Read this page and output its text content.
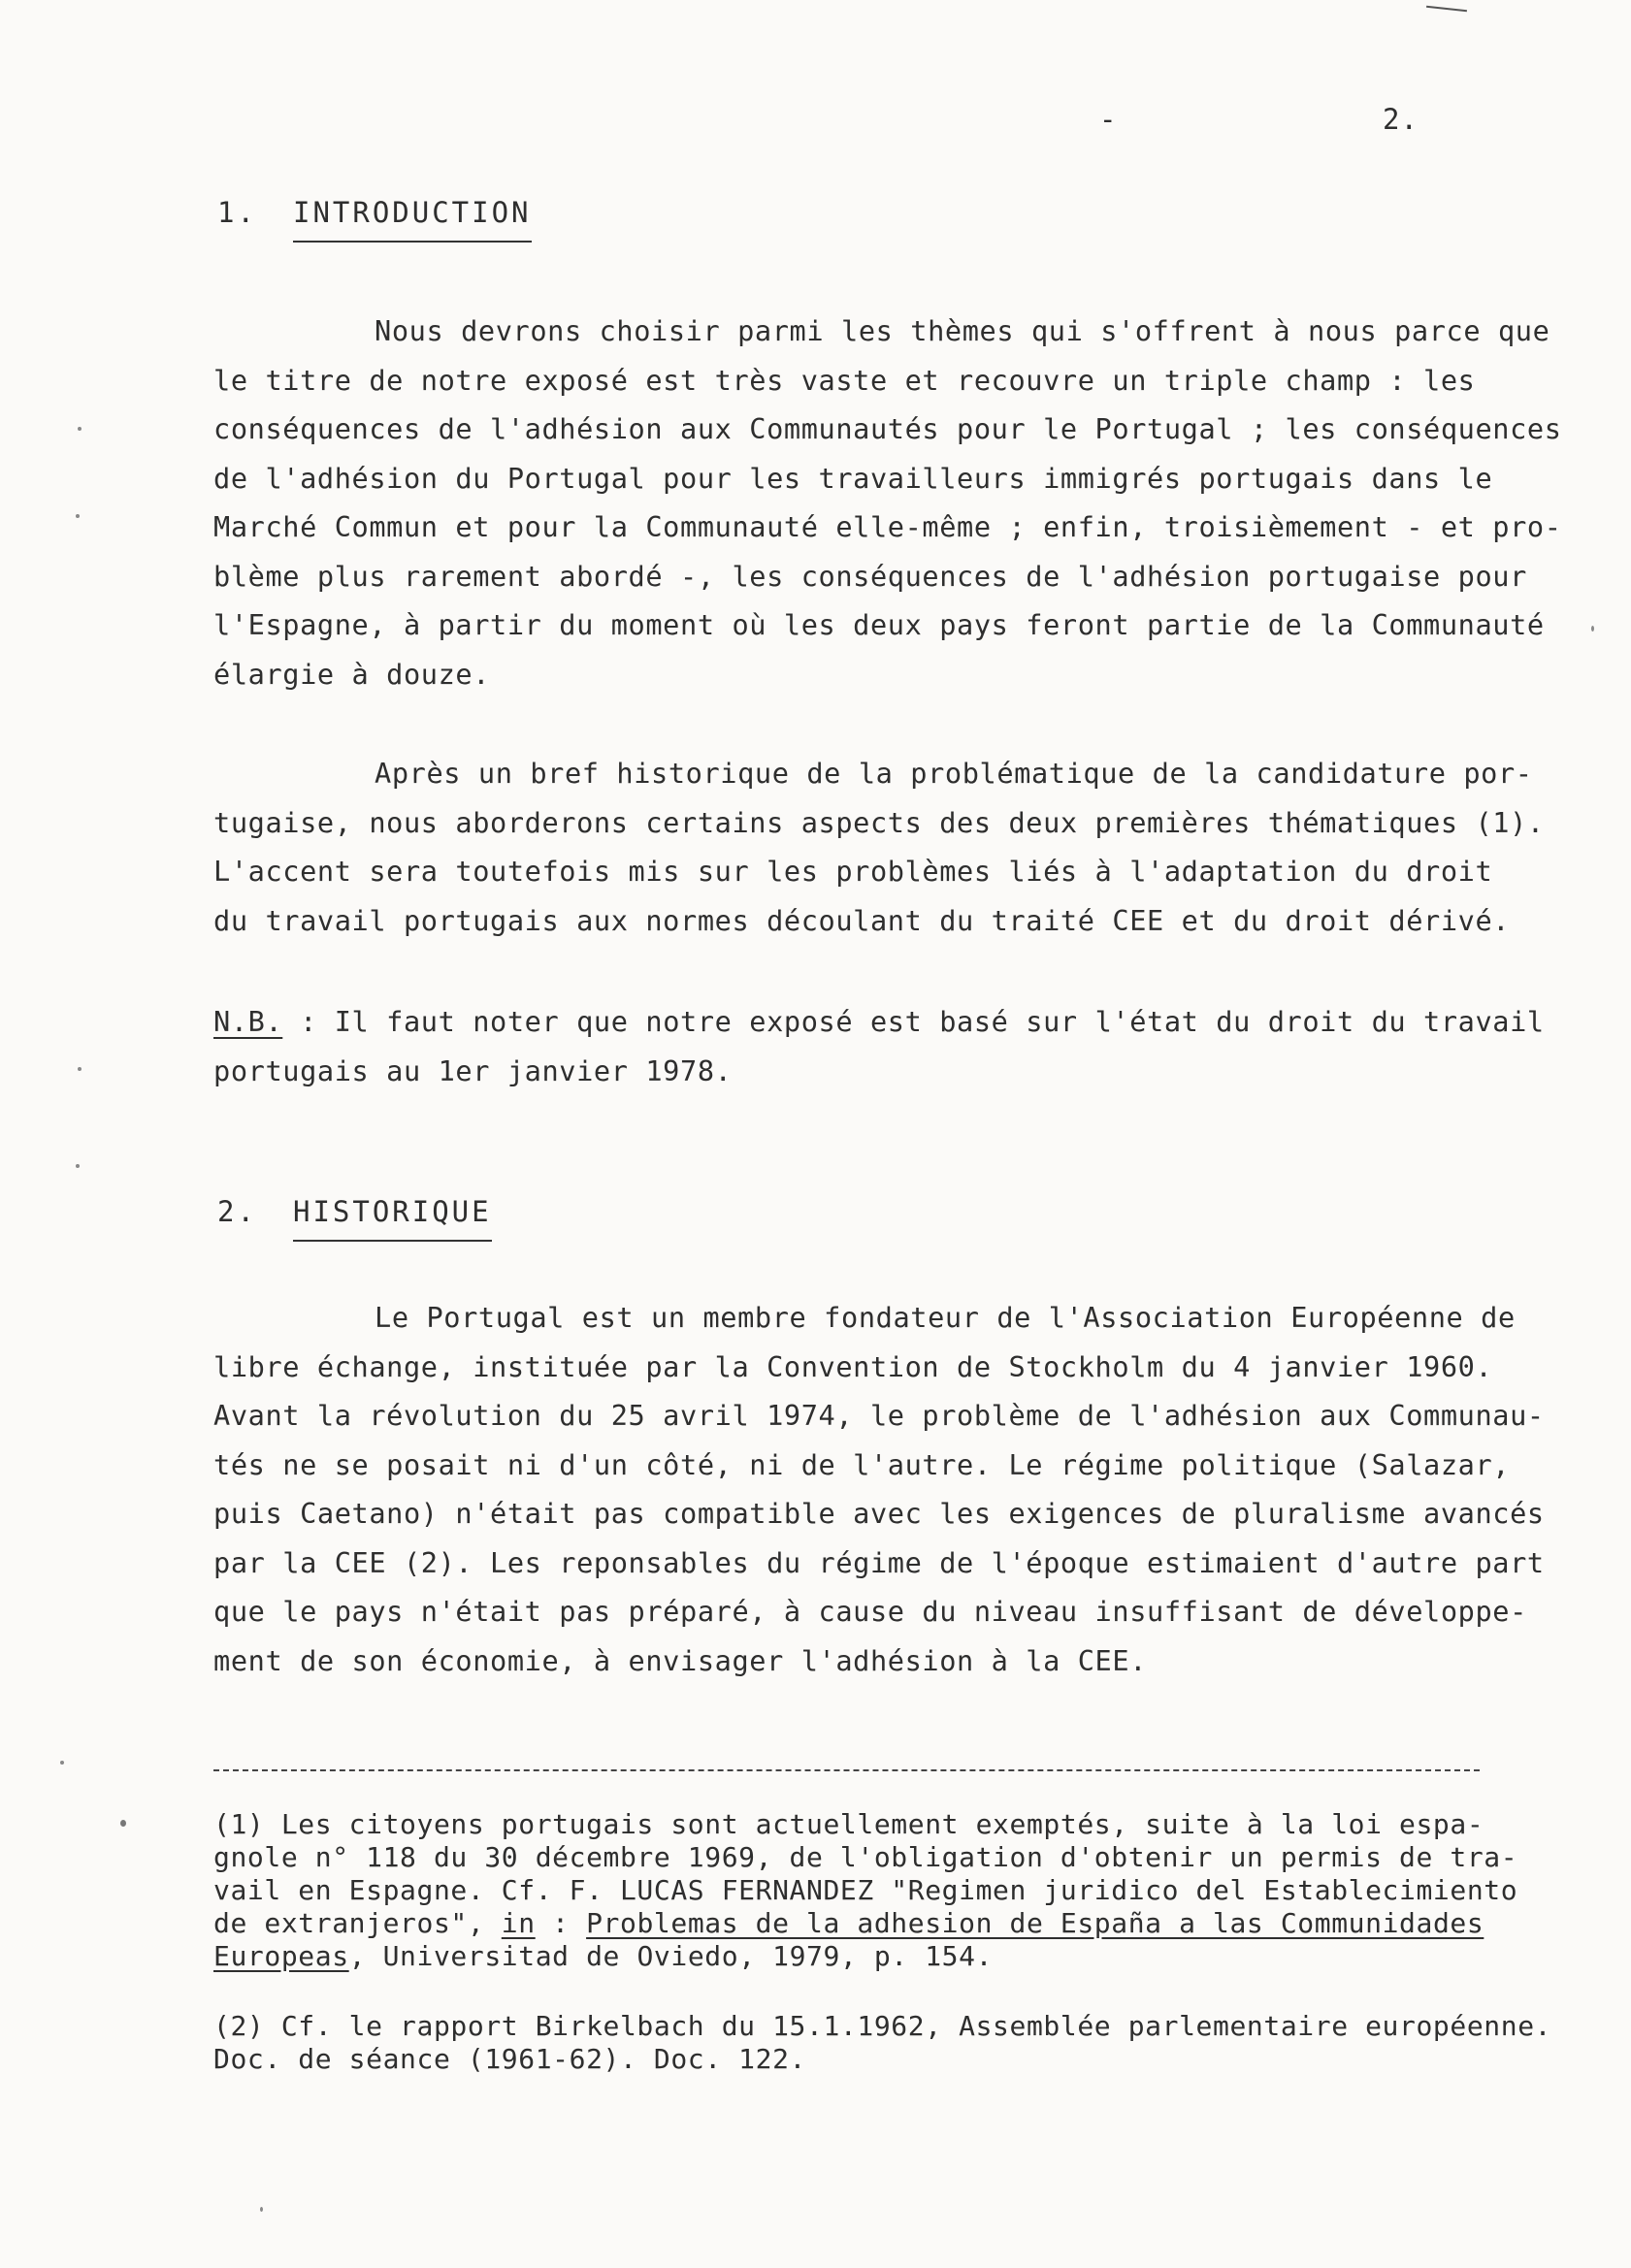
-	2.
1. INTRODUCTION
Nous devrons choisir parmi les thèmes qui s'offrent à nous parce que
le titre de notre exposé est très vaste et recouvre un triple champ : les
conséquences de l'adhésion aux Communautés pour le Portugal ; les conséquences
de l'adhésion du Portugal pour les travailleurs immigrés portugais dans le
Marché Commun et pour la Communauté elle-même ; enfin, troisièmement - et pro-
blème plus rarement abordé -, les conséquences de l'adhésion portugaise pour
l'Espagne, à partir du moment où les deux pays feront partie de la Communauté
élargie à douze.
Après un bref historique de la problématique de la candidature por-
tugaise, nous aborderons certains aspects des deux premières thématiques (1).
L'accent sera toutefois mis sur les problèmes liés à l'adaptation du droit
du travail portugais aux normes découlant du traité CEE et du droit dérivé.
N.B. : Il faut noter que notre exposé est basé sur l'état du droit du travail
portugais au 1er janvier 1978.
2. HISTORIQUE
Le Portugal est un membre fondateur de l'Association Européenne de
libre échange, instituée par la Convention de Stockholm du 4 janvier 1960.
Avant la révolution du 25 avril 1974, le problème de l'adhésion aux Communau-
tés ne se posait ni d'un côté, ni de l'autre. Le régime politique (Salazar,
puis Caetano) n'était pas compatible avec les exigences de pluralisme avancés
par la CEE (2). Les reponsables du régime de l'époque estimaient d'autre part
que le pays n'était pas préparé, à cause du niveau insuffisant de développe-
ment de son économie, à envisager l'adhésion à la CEE.
(1) Les citoyens portugais sont actuellement exemptés, suite à la loi espa-
gnole n° 118 du 30 décembre 1969, de l'obligation d'obtenir un permis de tra-
vail en Espagne. Cf. F. LUCAS FERNANDEZ "Regimen juridico del Establecimiento
de extranjeros", in : Problemas de la adhesion de España a las Communidades
Europeas, Universitad de Oviedo, 1979, p. 154.
(2) Cf. le rapport Birkelbach du 15.1.1962, Assemblée parlementaire européenne.
Doc. de séance (1961-62). Doc. 122.
